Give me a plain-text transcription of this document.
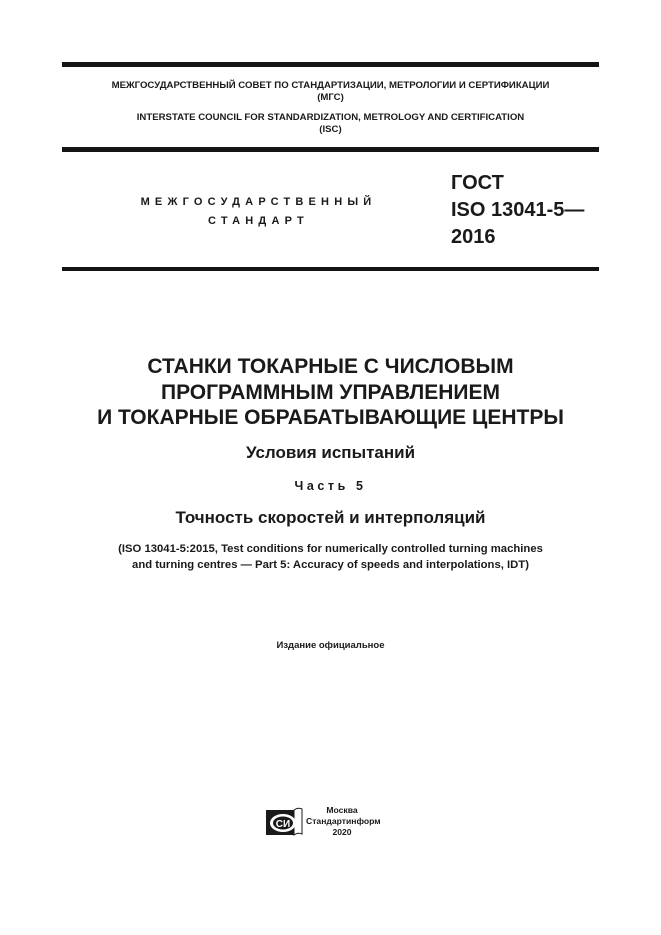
МЕЖГОСУДАРСТВЕННЫЙ СОВЕТ ПО СТАНДАРТИЗАЦИИ, МЕТРОЛОГИИ И СЕРТИФИКАЦИИ
(МГС)
INTERSTATE COUNCIL FOR STANDARDIZATION, METROLOGY AND CERTIFICATION
(ISC)
МЕЖГОСУДАРСТВЕННЫЙ
СТАНДАРТ
ГОСТ
ISO 13041-5—
2016
СТАНКИ ТОКАРНЫЕ С ЧИСЛОВЫМ
ПРОГРАММНЫМ УПРАВЛЕНИЕМ
И ТОКАРНЫЕ ОБРАБАТЫВАЮЩИЕ ЦЕНТРЫ
Условия испытаний
Часть 5
Точность скоростей и интерполяций
(ISO 13041-5:2015, Test conditions for numerically controlled turning machines
and turning centres — Part 5: Accuracy of speeds and interpolations, IDT)
Издание официальное
СИ
Москва
Стандартинформ
2020
